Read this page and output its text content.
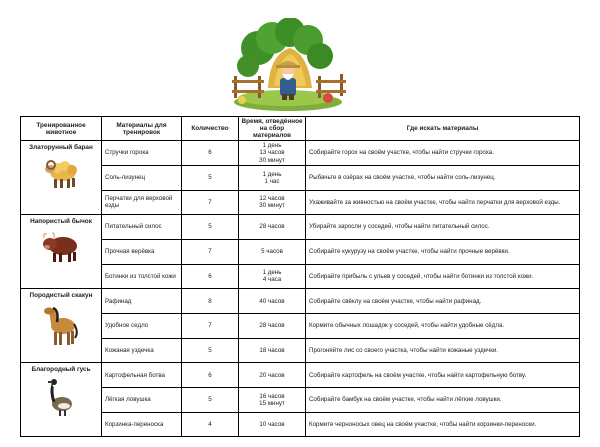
Тренированное животное	Материалы для тренировок	Количество	Время, отведённое на сбор материалов	Где искать материалы

Златорунный баран	Стручки горока	6	1 день
13 часов
30 минут	Собирайте горох на своём участке, чтобы найти стручки гороха.
	Соль-лизунец	5	1 день
1 час	Рыбачьте в озёрах на своём участке, чтобы найти соль-лизунец.
	Перчатки для верховой езды	7	12 часов
30 минут	Ухаживайте за живностью на своём участке, чтобы найти перчатки для верховой езды.

Напористый бычок	Питательный силос	5	28 часов	Убирайте заросли у соседей, чтобы найти питательный силос.
	Прочная верёвка	7	5 часов	Собирайте кукурузу на своём участке, чтобы найти прочные верёвки.
	Ботинки из толстой кожи	6	1 день
4 часа	Собирайте прибыль с ульев у соседей, чтобы найти ботинки из толстой кожи.

Породистый скакун	Рафинад	8	40 часов	Собирайте свёклу на своём участке, чтобы найти рафинад.
	Удобное седло	7	28 часов	Кормите обычных лошадок у соседей, чтобы найти удобные сёдла.
	Кожаная уздечка	5	18 часов	Прогоняйте лис со своего участка, чтобы найти кожаные уздечки.

Благородный гусь	Картофельная ботва	6	20 часов	Собирайте картофель на своём участке, чтобы найти картофельную ботву.
	Лёгкая ловушка	5	16 часов
15 минут	Собирайте бамбук на своём участке, чтобы найти лёгкие ловушки.
	Корзинка-переноска	4	10 часов	Кормите черноносых овец на своём участке, чтобы найти корзинки-переноски.
